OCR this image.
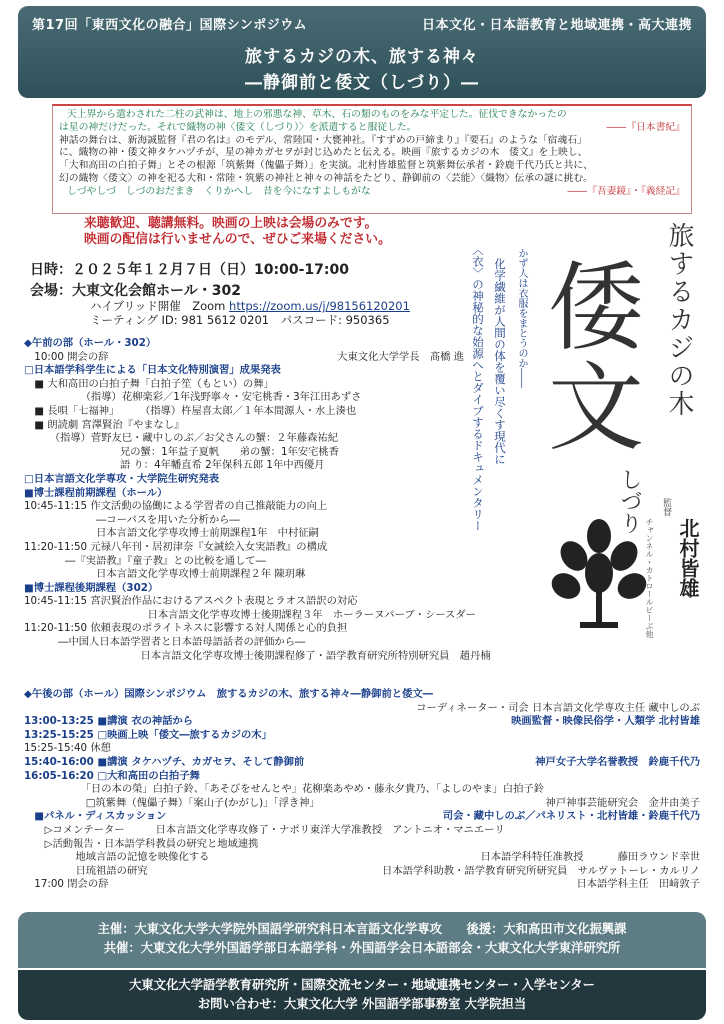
第17回「東西文化の融合」国際シンポジウム	日本文化・日本語教育と地域連携・高大連携
旅するカジの木、旅する神々
―静御前と倭文（しづり）―

天上界から遣わされた二柱の武神は、地上の邪悪な神、草木、石の類のものをみな平定した。征伐できなかったの

は星の神だけだった。それで織物の神〈倭文（しづり）〉を派遣すると服従した。	――『日本書紀』

神話の舞台は、新海誠監督『君の名は』のモデル、常陸国・大甕神社。『すずめの戸締まり』『要石』のような「宿魂石」

に、織物の神・倭文神タケハヅチが、星の神カガセヲが封じ込めたと伝える。映画『旅するカジの木　倭文』を上映し、

「大和高田の白拍子舞」とその根源「筑紫舞（傀儡子舞）」を実演。北村皆雄監督と筑紫舞伝承者・鈴鹿千代乃氏と共に、

幻の織物〈倭文〉の神を祀る大和・常陸・筑紫の神社と神々の神話をたどり、静御前の〈芸能〉〈織物〉伝承の謎に挑む。

しづやしづ　しづのおだまき　くりかへし　昔を今になすよしもがな	――『吾妻鏡』・『義経記』

来聴歓迎、聴講無料。映画の上映は会場のみです。
映画の配信は行いませんので、ぜひご来場ください。
日時：２０２５年１２月７日（日）10:00-17:00
会場：大東文化会館ホール・302
ハイブリッド開催　Zoom https://zoom.us/j/98156120201
ミーティング ID: 981 5612 0201　パスコード: 950365
◆午前の部（ホール・302）
　10:00 開会の辞	大東文化大学学長　髙橋 進
□日本語学科学生による「日本文化特別演習」成果発表
　■ 大和高田の白拍子舞「白拍子笙（もとい）の舞」
　　　　　　（指導）花柳楽彩／1年浅野寧々・安宅桃香・3年江田あずさ
　■ 長唄「七福神」　　　（指導）杵屋喜太郎／１年本間源人・水上湊也
　■ 朗読劇 宮澤賢治『やまなし』
　　　（指導）菅野友巳・藏中しのぶ／お父さんの蟹：２年藤森祐紀
　　　　　　　　　 兄の蟹：1年益子夏帆　　弟の蟹：1年安宅桃香
　　　　　　　　　 語 り：4年幡直希 2年保科五郎 1年中西優月
□日本言語文化学専攻・大学院生研究発表
■博士課程前期課程（ホール）
10:45-11:15 作文活動の協働による学習者の自己推敲能力の向上
　　　　　　　―コーパスを用いた分析から―
　　　　　　　日本言語文化学専攻博士前期課程1年　中村征嗣
11:20-11:50 元禄八年刊・居初津奈『女誡絵入女実語教』の構成
　　　　―『実語教』『童子教』との比較を通して―
　　　　　　　日本言語文化学専攻博士前期課程２年 陳玥琳
■博士課程後期課程（302）
10:45-11:15 宮沢賢治作品におけるアスペクト表現とラオス語訳の対応
　　　　　　　　　　　　日本言語文化学専攻博士後期課程３年　ホーラーヌパーブ・シースダー
11:20-11:50 依頼表現のポライトネスに影響する対人関係と心的負担
　　　 ―中国人日本語学習者と日本語母語話者の評価から―
　　　　　　　　　　　 日本言語文化学専攻博士後期課程修了・語学教育研究所特別研究員　趙丹楠
旅するカジの木
倭
文
しづり
かず人は衣服をまとうのか――
化学繊維が人間の体を覆い尽くす現代に
〈衣〉の神秘的な始源へとダイブするドキュメンタリー	監督
北村皆雄
チャンネル・カトロールビーぶ他
◆午後の部（ホール）国際シンポジウム　旅するカジの木、旅する神々―静御前と倭文―
コーディネーター・司会 日本言語文化学専攻主任 藏中しのぶ
13:00-13:25 ■講演 衣の神話から	映画監督・映像民俗学・人類学 北村皆雄
13:25-15:25 □映画上映「倭文―旅するカジの木」
15:25-15:40 休憩
15:40-16:00 ■講演 タケハヅチ、カガセヲ、そして静御前	神戸女子大学名誉教授　鈴鹿千代乃
16:05-16:20 □大和高田の白拍子舞
　　　　　　「日の本の榮」白拍子鈴、「あそびをせんとや」花柳楽あやめ・藤永夕貴乃、「よしのやま」白拍子鈴
　　　　　　□筑紫舞（傀儡子舞）「案山子(かがし)」「浮き神」	神戸神事芸能研究会　金井由美子
　■パネル・ディスカッション	司会・藏中しのぶ／パネリスト・北村皆雄・鈴鹿千代乃
　　▷コメンテーター　　　日本言語文化学専攻修了・ナポリ東洋大学准教授　アントニオ・マニエーリ
　　▷活動報告・日本語学科教員の研究と地域連携
　　　　　地域言語の記憶を映像化する	日本語学科特任准教授　　　 藤田ラウンド幸世
　　　　　日琉祖語の研究	日本語学科助教・語学教育研究所研究員　サルヴァトーレ・カルリノ
　17:00 閉会の辞	日本語学科主任　田﨑敦子
主催：大東文化大学大学院外国語学研究科日本言語文化学専攻　　後援：大和高田市文化振興課
共催：大東文化大学外国語学部日本語学科・外国語学会日本語部会・大東文化大学東洋研究所
大東文化大学語学教育研究所・国際交流センター・地域連携センター・入学センター
お問い合わせ：大東文化大学 外国語学部事務室 大学院担当
